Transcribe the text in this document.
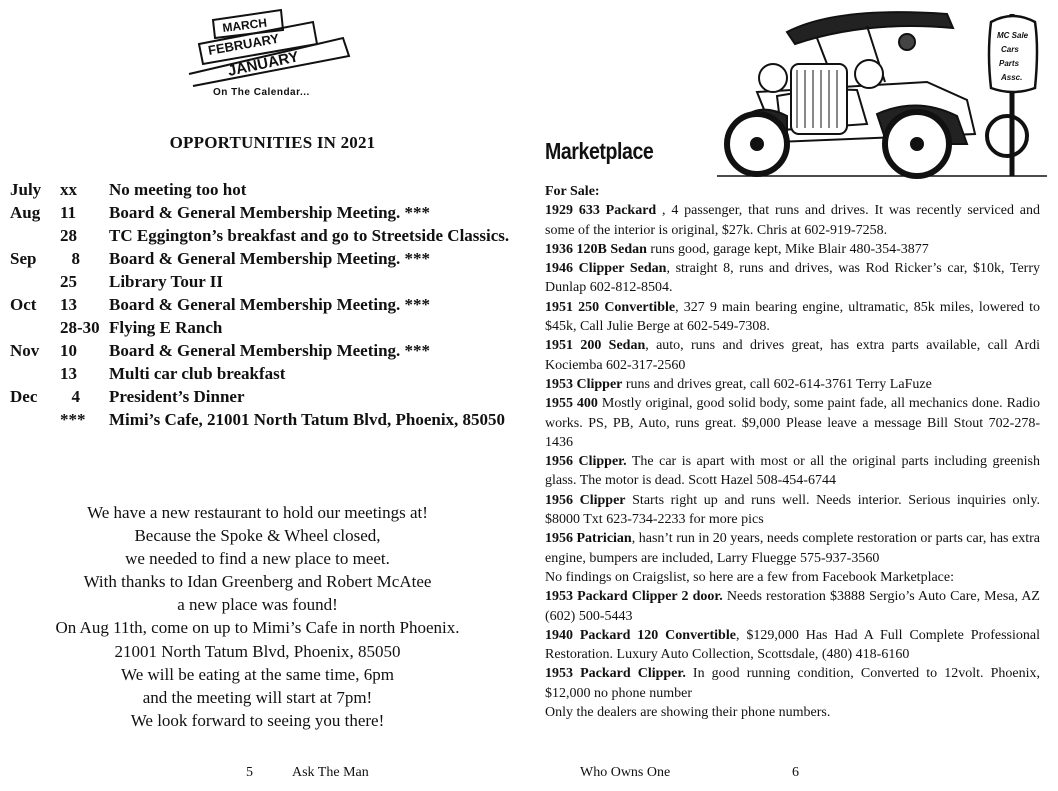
MARCH
FEBRUARY
JANUARY
On The Calendar...
OPPORTUNITIES IN 2021
July	xx	No meeting too hot
Aug	11	Board & General Membership Meeting. ***
28	TC Eggington’s breakfast and go to Streetside Classics.
Sep	8 Board & General Membership Meeting. ***
25	Library Tour II
Oct	13	Board & General Membership Meeting. ***
28-30 Flying E Ranch
Nov	10	Board & General Membership Meeting. ***
13	Multi car club breakfast
Dec	4 President’s Dinner
***	Mimi’s Cafe, 21001 North Tatum Blvd, Phoenix, 85050
We have a new restaurant to hold our meetings at!
Because the Spoke & Wheel closed,
we needed to find a new place to meet.
With thanks to Idan Greenberg and Robert McAtee
a new place was found!
On Aug 11th, come on up to Mimi’s Cafe in north Phoenix.
21001 North Tatum Blvd, Phoenix, 85050
We will be eating at the same time, 6pm
and the meeting will start at 7pm!
We look forward to seeing you there!
5	Ask The Man
MC Sale
Cars
Parts
Assc.
Marketplace

For Sale:

1929 633 Packard , 4 passenger, that runs and drives. It was recently serviced and some of the interior is original, $27k. Chris at 602-919-7258.

1936 120B Sedan runs good, garage kept, Mike Blair 480-354-3877

1946 Clipper Sedan, straight 8, runs and drives, was Rod Ricker’s car, $10k, Terry Dunlap 602-812-8504.

1951 250 Convertible, 327 9 main bearing engine, ultramatic, 85k miles, lowered to $45k, Call Julie Berge at 602-549-7308.

1951 200 Sedan, auto, runs and drives great, has extra parts available, call Ardi Kociemba 602-317-2560

1953 Clipper runs and drives great, call 602-614-3761 Terry LaFuze

1955 400 Mostly original, good solid body, some paint fade, all mechanics done. Radio works. PS, PB, Auto, runs great. $9,000 Please leave a message Bill Stout 702-278-1436

1956 Clipper. The car is apart with most or all the original parts including greenish glass. The motor is dead. Scott Hazel 508-454-6744

1956 Clipper Starts right up and runs well. Needs interior. Serious inquiries only. $8000 Txt 623-734-2233 for more pics

1956 Patrician, hasn’t run in 20 years, needs complete restoration or parts car, has extra engine, bumpers are included, Larry Fluegge 575-937-3560

No findings on Craigslist, so here are a few from Facebook Marketplace:

1953 Packard Clipper 2 door. Needs restoration $3888 Sergio’s Auto Care, Mesa, AZ (602) 500-5443

1940 Packard 120 Convertible, $129,000 Has Had A Full Complete Professional Restoration. Luxury Auto Collection, Scottsdale, (480) 418-6160

1953 Packard Clipper. In good running condition, Converted to 12volt. Phoenix, $12,000 no phone number

Only the dealers are showing their phone numbers.

Who Owns One	6
